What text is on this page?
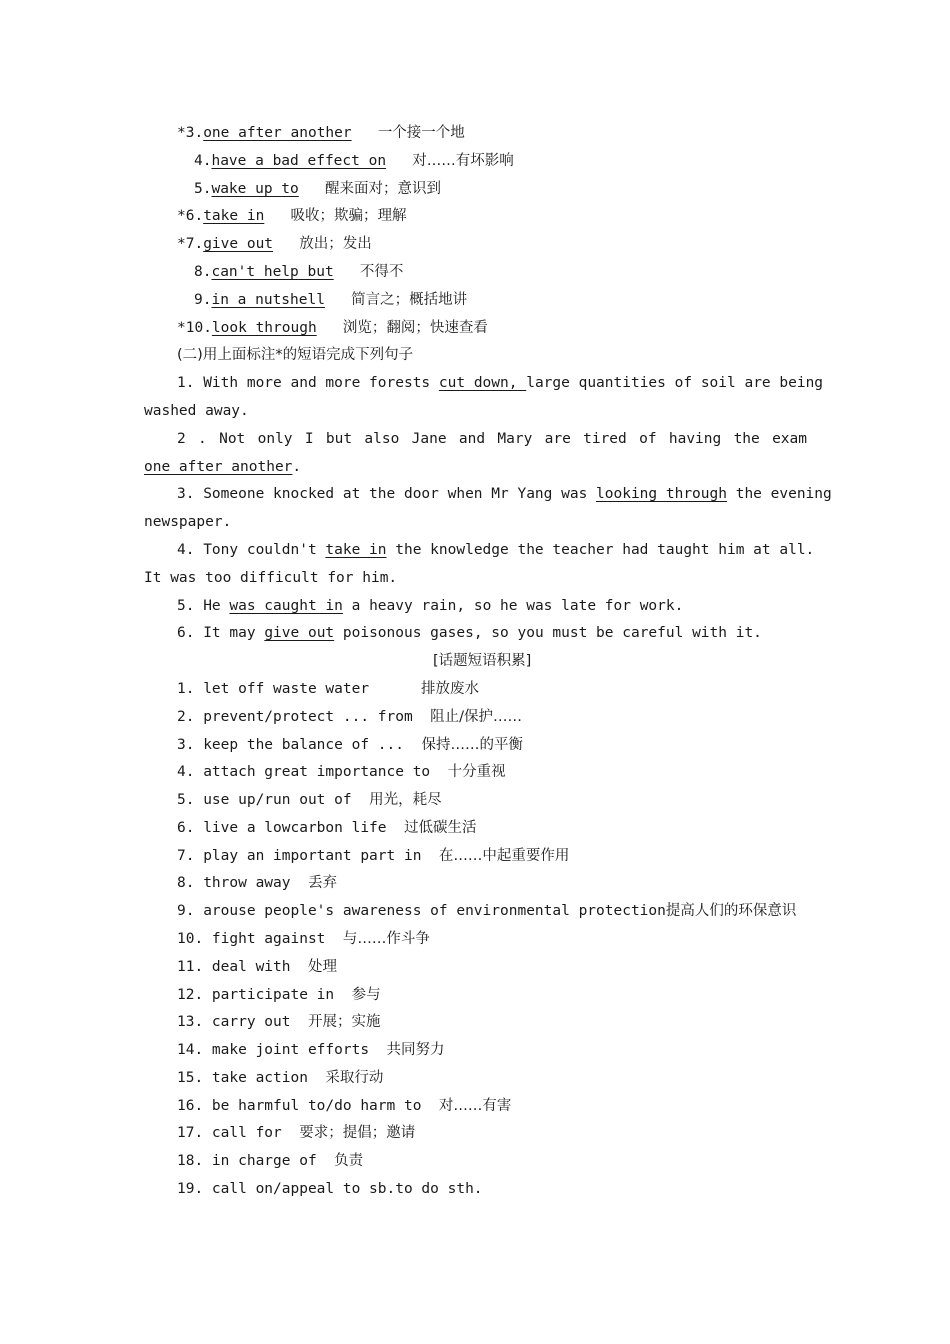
*3.one after another 一个接一个地
4.have a bad effect on 对……有坏影响
5.wake up to 醒来面对；意识到
*6.take in 吸收；欺骗；理解
*7.give out 放出；发出
8.can't help but 不得不
9.in a nutshell 简言之；概括地讲
*10.look through 浏览；翻阅；快速查看
(二)用上面标注*的短语完成下列句子
1. With more and more forests cut down, large quantities of soil are being
washed away.
2 . Not only I but also Jane and Mary are tired of having the exam
one after another.
3. Someone knocked at the door when Mr Yang was looking through the evening
newspaper.
4. Tony couldn't take in the knowledge the teacher had taught him at all.
It was too difficult for him.
5. He was caught in a heavy rain, so he was late for work.
6. It may give out poisonous gases, so you must be careful with it.
[话题短语积累]
1. let off waste water	排放废水
2. prevent/protect ... from 阻止/保护……
3. keep the balance of ... 保持……的平衡
4. attach great importance to 十分重视
5. use up/run out of 用光，耗尽
6. live a lowcarbon life 过低碳生活
7. play an important part in 在……中起重要作用
8. throw away 丢弃
9. arouse people's awareness of environmental protection提高人们的环保意识
10. fight against 与……作斗争
11. deal with 处理
12. participate in 参与
13. carry out 开展；实施
14. make joint efforts 共同努力
15. take action 采取行动
16. be harmful to/do harm to 对……有害
17. call for 要求；提倡；邀请
18. in charge of 负责
19. call on/appeal to sb.to do sth.
